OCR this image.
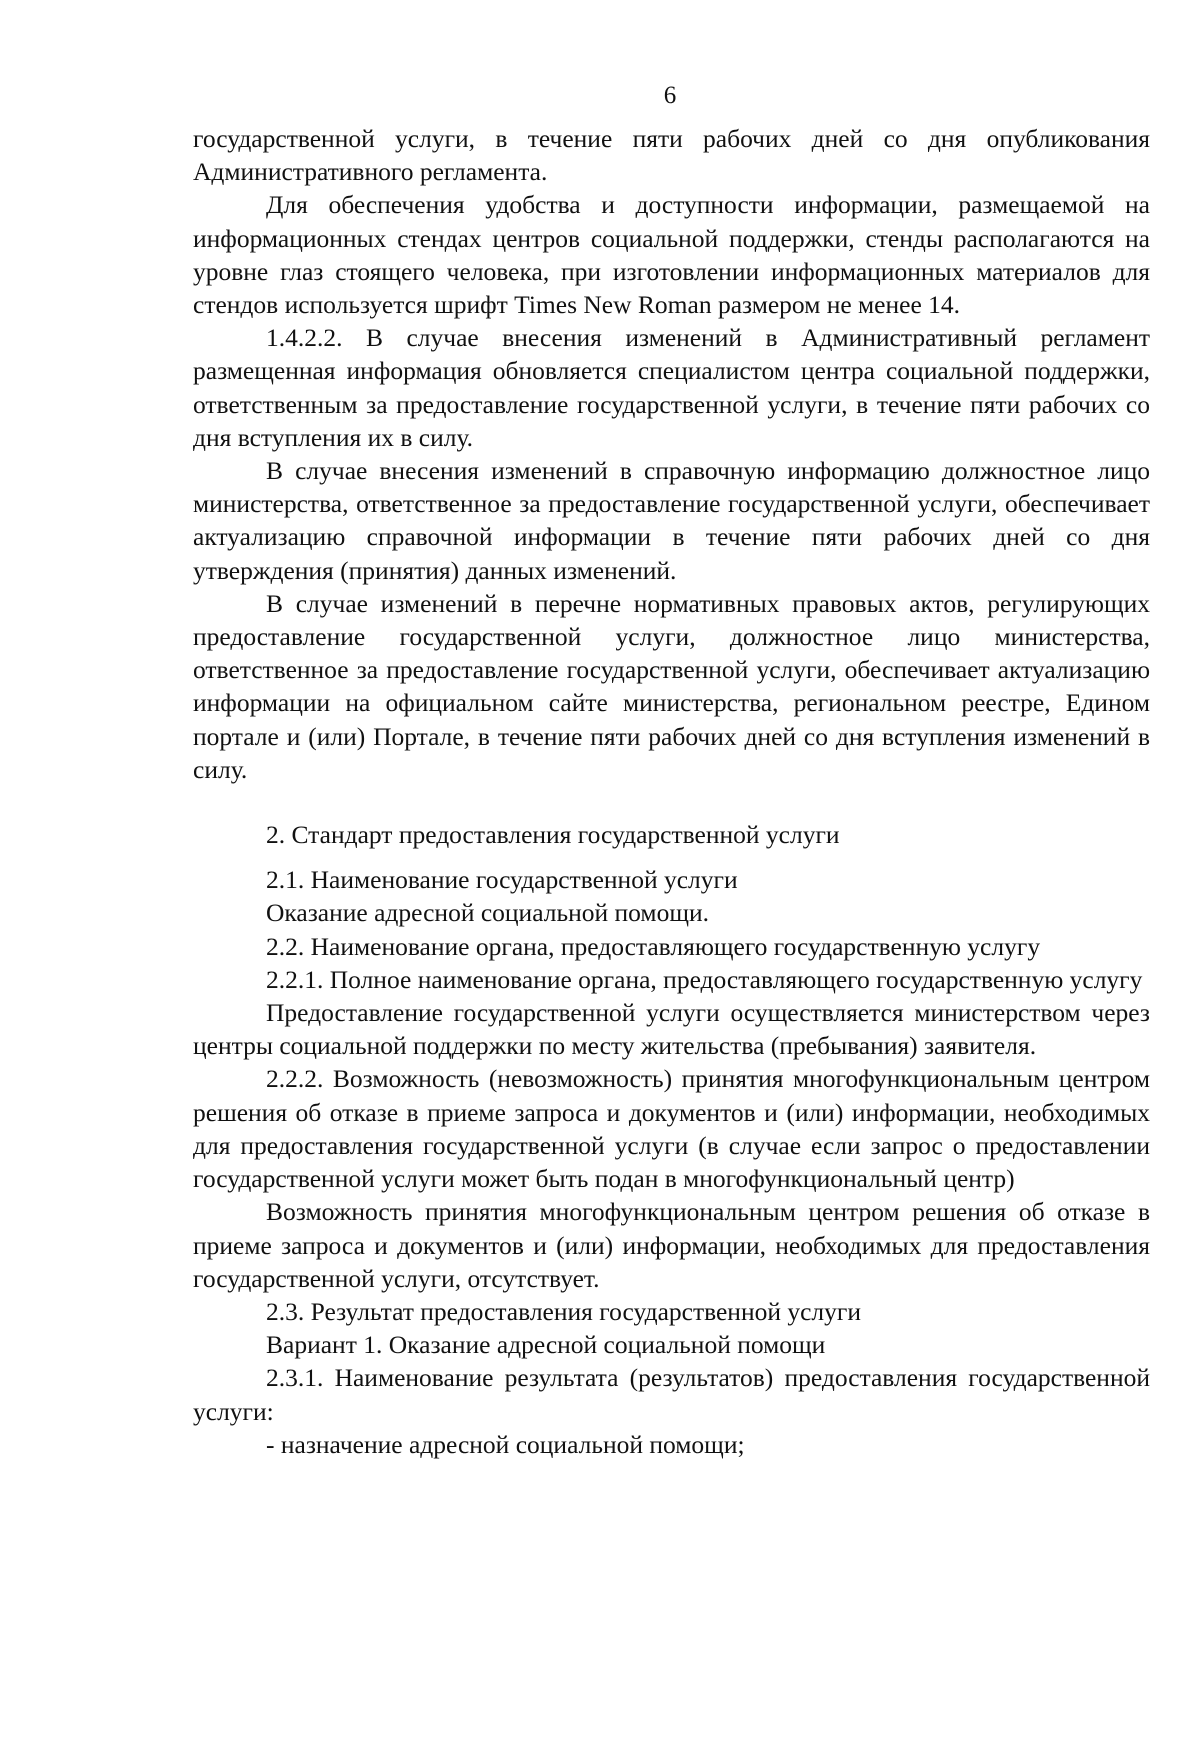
6

государственной услуги, в течение пяти рабочих дней со дня опубликования Административного регламента.

Для обеспечения удобства и доступности информации, размещаемой на информационных стендах центров социальной поддержки, стенды располагаются на уровне глаз стоящего человека, при изготовлении информационных материалов для стендов используется шрифт Times New Roman размером не менее 14.

1.4.2.2. В случае внесения изменений в Административный регламент размещенная информация обновляется специалистом центра социальной поддержки, ответственным за предоставление государственной услуги, в течение пяти рабочих со дня вступления их в силу.

В случае внесения изменений в справочную информацию должностное лицо министерства, ответственное за предоставление государственной услуги, обеспечивает актуализацию справочной информации в течение пяти рабочих дней со дня утверждения (принятия) данных изменений.

В случае изменений в перечне нормативных правовых актов, регулирующих предоставление государственной услуги, должностное лицо министерства, ответственное за предоставление государственной услуги, обеспечивает актуализацию информации на официальном сайте министерства, региональном реестре, Едином портале и (или) Портале, в течение пяти рабочих дней со дня вступления изменений в силу.

2. Стандарт предоставления государственной услуги

2.1. Наименование государственной услуги

Оказание адресной социальной помощи.

2.2. Наименование органа, предоставляющего государственную услугу

2.2.1. Полное наименование органа, предоставляющего государственную услугу

Предоставление государственной услуги осуществляется министерством через центры социальной поддержки по месту жительства (пребывания) заявителя.

2.2.2. Возможность (невозможность) принятия многофункциональным центром решения об отказе в приеме запроса и документов и (или) информации, необходимых для предоставления государственной услуги (в случае если запрос о предоставлении государственной услуги может быть подан в многофункциональный центр)

Возможность принятия многофункциональным центром решения об отказе в приеме запроса и документов и (или) информации, необходимых для предоставления государственной услуги, отсутствует.

2.3. Результат предоставления государственной услуги

Вариант 1. Оказание адресной социальной помощи

2.3.1. Наименование результата (результатов) предоставления государственной услуги:

- назначение адресной социальной помощи;
